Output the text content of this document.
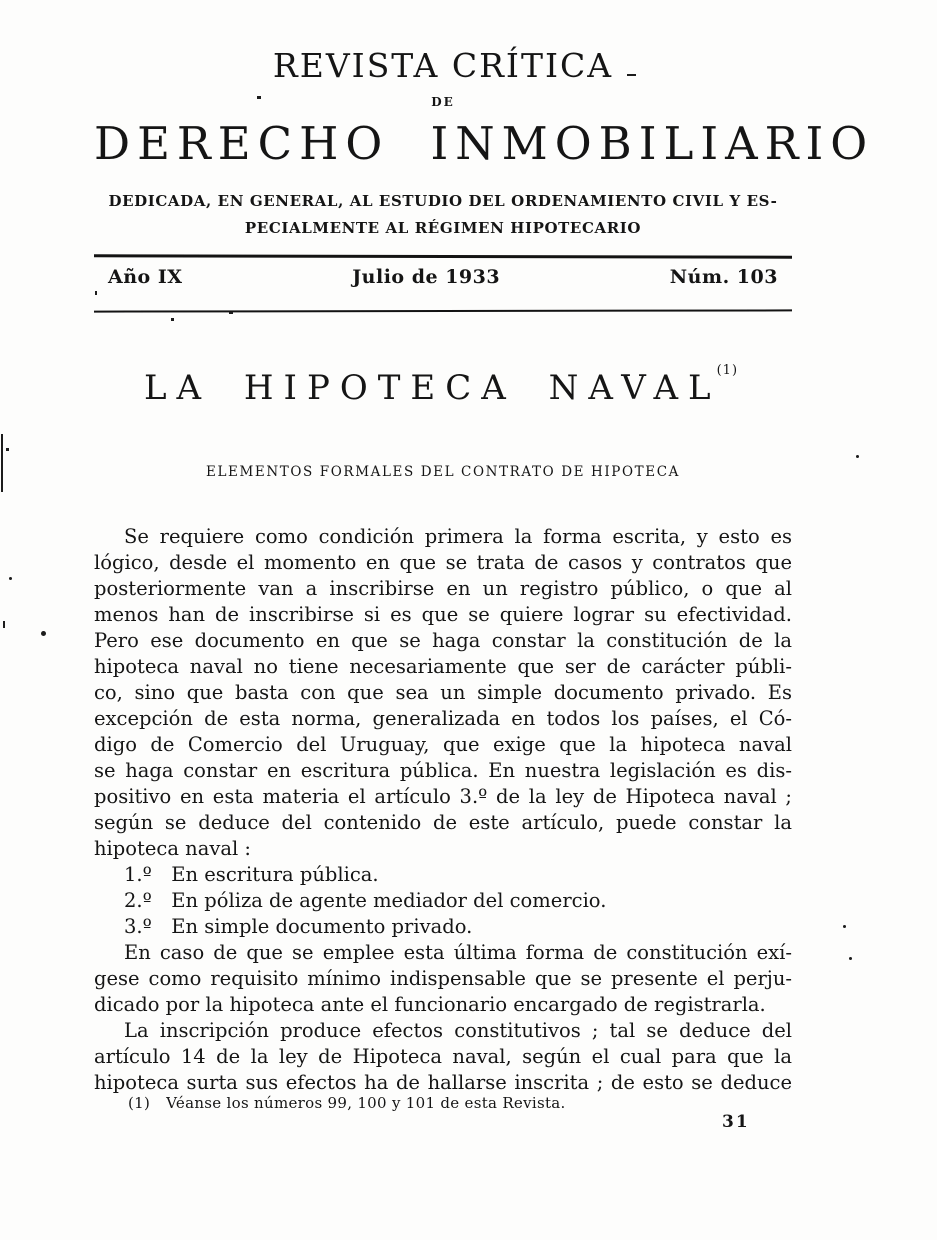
REVISTA CRÍTICA
DE
DERECHO INMOBILIARIO
DEDICADA, EN GENERAL, AL ESTUDIO DEL ORDENAMIENTO CIVIL Y ES-
PECIALMENTE AL RÉGIMEN HIPOTECARIO
Año IX	Julio de 1933	Núm. 103
LA HIPOTECA NAVAL$^{(1)}$
ELEMENTOS FORMALES DEL CONTRATO DE HIPOTECA
Se requiere como condición primera la forma escrita, y esto es
lógico, desde el momento en que se trata de casos y contratos que
posteriormente van a inscribirse en un registro público, o que al
menos han de inscribirse si es que se quiere lograr su efectividad.
Pero ese documento en que se haga constar la constitución de la
hipoteca naval no tiene necesariamente que ser de carácter públi-
co, sino que basta con que sea un simple documento privado. Es
excepción de esta norma, generalizada en todos los países, el Có-
digo de Comercio del Uruguay, que exige que la hipoteca naval
se haga constar en escritura pública. En nuestra legislación es dis-
positivo en esta materia el artículo 3.º de la ley de Hipoteca naval ;
según se deduce del contenido de este artículo, puede constar la
hipoteca naval :
1.º En escritura pública.
2.º En póliza de agente mediador del comercio.
3.º En simple documento privado.
En caso de que se emplee esta última forma de constitución exí-
gese como requisito mínimo indispensable que se presente el perju-
dicado por la hipoteca ante el funcionario encargado de registrarla.
La inscripción produce efectos constitutivos ; tal se deduce del
artículo 14 de la ley de Hipoteca naval, según el cual para que la
hipoteca surta sus efectos ha de hallarse inscrita ; de esto se deduce
(1) Véanse los números 99, 100 y 101 de esta Revista.
31
